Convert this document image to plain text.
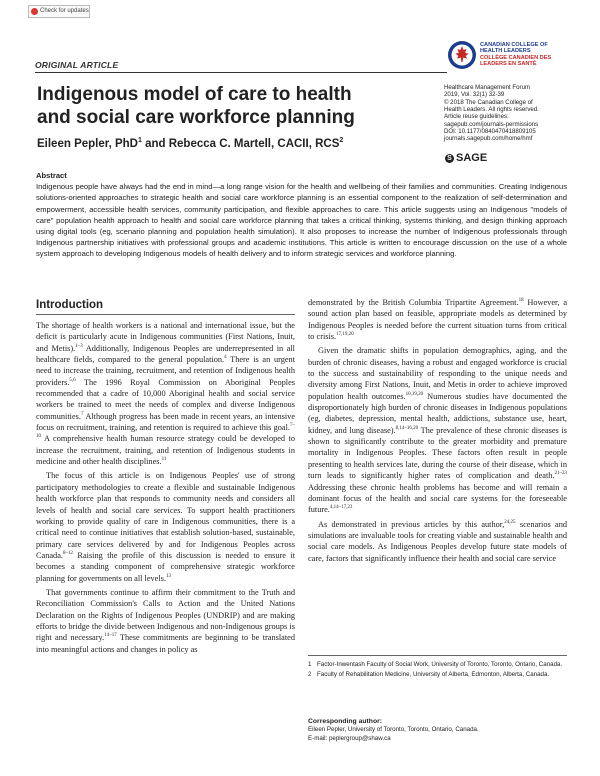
Check for updates
ORIGINAL ARTICLE
CANADIAN COLLEGE OF
HEALTH LEADERS
COLLÈGE CANADIEN DES
LEADERS EN SANTÉ
Indigenous model of care to health and social care workforce planning
Eileen Pepler, PhD$^1$ and Rebecca C. Martell, CACII, RCS$^2$
Healthcare Management Forum
2019, Vol. 32(1) 32-39
© 2018 The Canadian College of
Health Leaders. All rights reserved.
Article reuse guidelines:
sagepub.com/journals-permissions
DOI: 10.1177/0840470418809105
journals.sagepub.com/home/hmf
S SAGE
Abstract
Indigenous people have always had the end in mind—a long range vision for the health and wellbeing of their families and communities. Creating Indigenous solutions-oriented approaches to strategic health and social care workforce planning is an essential component to the realization of self-determination and empowerment, accessible health services, community participation, and flexible approaches to care. This article suggests using an Indigenous "models of care" population health approach to health and social care workforce planning that takes a critical thinking, systems thinking, and design thinking approach using digital tools (eg, scenario planning and population health simulation). It also proposes to increase the number of Indigenous professionals through Indigenous partnership initiatives with professional groups and academic institutions. This article is written to encourage discussion on the use of a whole system approach to developing Indigenous models of health delivery and to inform strategic services and workforce planning.
Introduction

The shortage of health workers is a national and international issue, but the deficit is particularly acute in Indigenous communities (First Nations, Inuit, and Metis).$^{1-3}$ Additionally, Indigenous Peoples are underrepresented in all healthcare fields, compared to the general population.$^4$ There is an urgent need to increase the training, recruitment, and retention of Indigenous health providers.$^{5,6}$ The 1996 Royal Commission on Aboriginal Peoples recommended that a cadre of 10,000 Aboriginal health and social service workers be trained to meet the needs of complex and diverse Indigenous communities.$^7$ Although progress has been made in recent years, an intensive focus on recruitment, training, and retention is required to achieve this goal.$^{7-10}$ A comprehensive health human resource strategy could be developed to increase the recruitment, training, and retention of Indigenous students in medicine and other health disciplines.$^{11}$

The focus of this article is on Indigenous Peoples' use of strong participatory methodologies to create a flexible and sustainable Indigenous health workforce plan that responds to community needs and considers all levels of health and social care services. To support health practitioners working to provide quality of care in Indigenous communities, there is a critical need to continue initiatives that establish solution-based, sustainable, primary care services delivered by and for Indigenous Peoples across Canada.$^{8-12}$ Raising the profile of this discussion is needed to ensure it becomes a standing component of comprehensive strategic workforce planning for governments on all levels.$^{13}$

That governments continue to affirm their commitment to the Truth and Reconciliation Commission's Calls to Action and the United Nations Declaration on the Rights of Indigenous Peoples (UNDRIP) and are making efforts to bridge the divide between Indigenous and non-Indigenous groups is right and necessary.$^{14-17}$ These commitments are beginning to be translated into meaningful actions and changes in policy as

demonstrated by the British Columbia Tripartite Agreement.$^{18}$ However, a sound action plan based on feasible, appropriate models as determined by Indigenous Peoples is needed before the current situation turns from critical to crisis.$^{17,19,20}$

Given the dramatic shifts in population demographics, aging, and the burden of chronic diseases, having a robust and engaged workforce is crucial to the success and sustainability of responding to the unique needs and diversity among First Nations, Inuit, and Metis in order to achieve improved population health outcomes.$^{10,19,20}$ Numerous studies have documented the disproportionately high burden of chronic diseases in Indigenous populations (eg, diabetes, depression, mental health, addictions, substance use, heart, kidney, and lung disease).$^{8,14-16,20}$ The prevalence of these chronic diseases is shown to significantly contribute to the greater morbidity and premature mortality in Indigenous Peoples. These factors often result in people presenting to health services late, during the course of their disease, which in turn leads to significantly higher rates of complication and death.$^{21-23}$ Addressing these chronic health problems has become and will remain a dominant focus of the health and social care systems for the foreseeable future.$^{4,14-17,23}$

As demonstrated in previous articles by this author,$^{24,25}$ scenarios and simulations are invaluable tools for creating viable and sustainable health and social care models. As Indigenous Peoples develop future state models of care, factors that significantly influence their health and social care service

1 Factor-Inwentash Faculty of Social Work, University of Toronto, Toronto, Ontario, Canada.
2 Faculty of Rehabilitation Medicine, University of Alberta, Edmonton, Alberta, Canada.
Corresponding author:
Eileen Pepler, University of Toronto, Toronto, Ontario, Canada.
E-mail: peplergroup@shaw.ca
